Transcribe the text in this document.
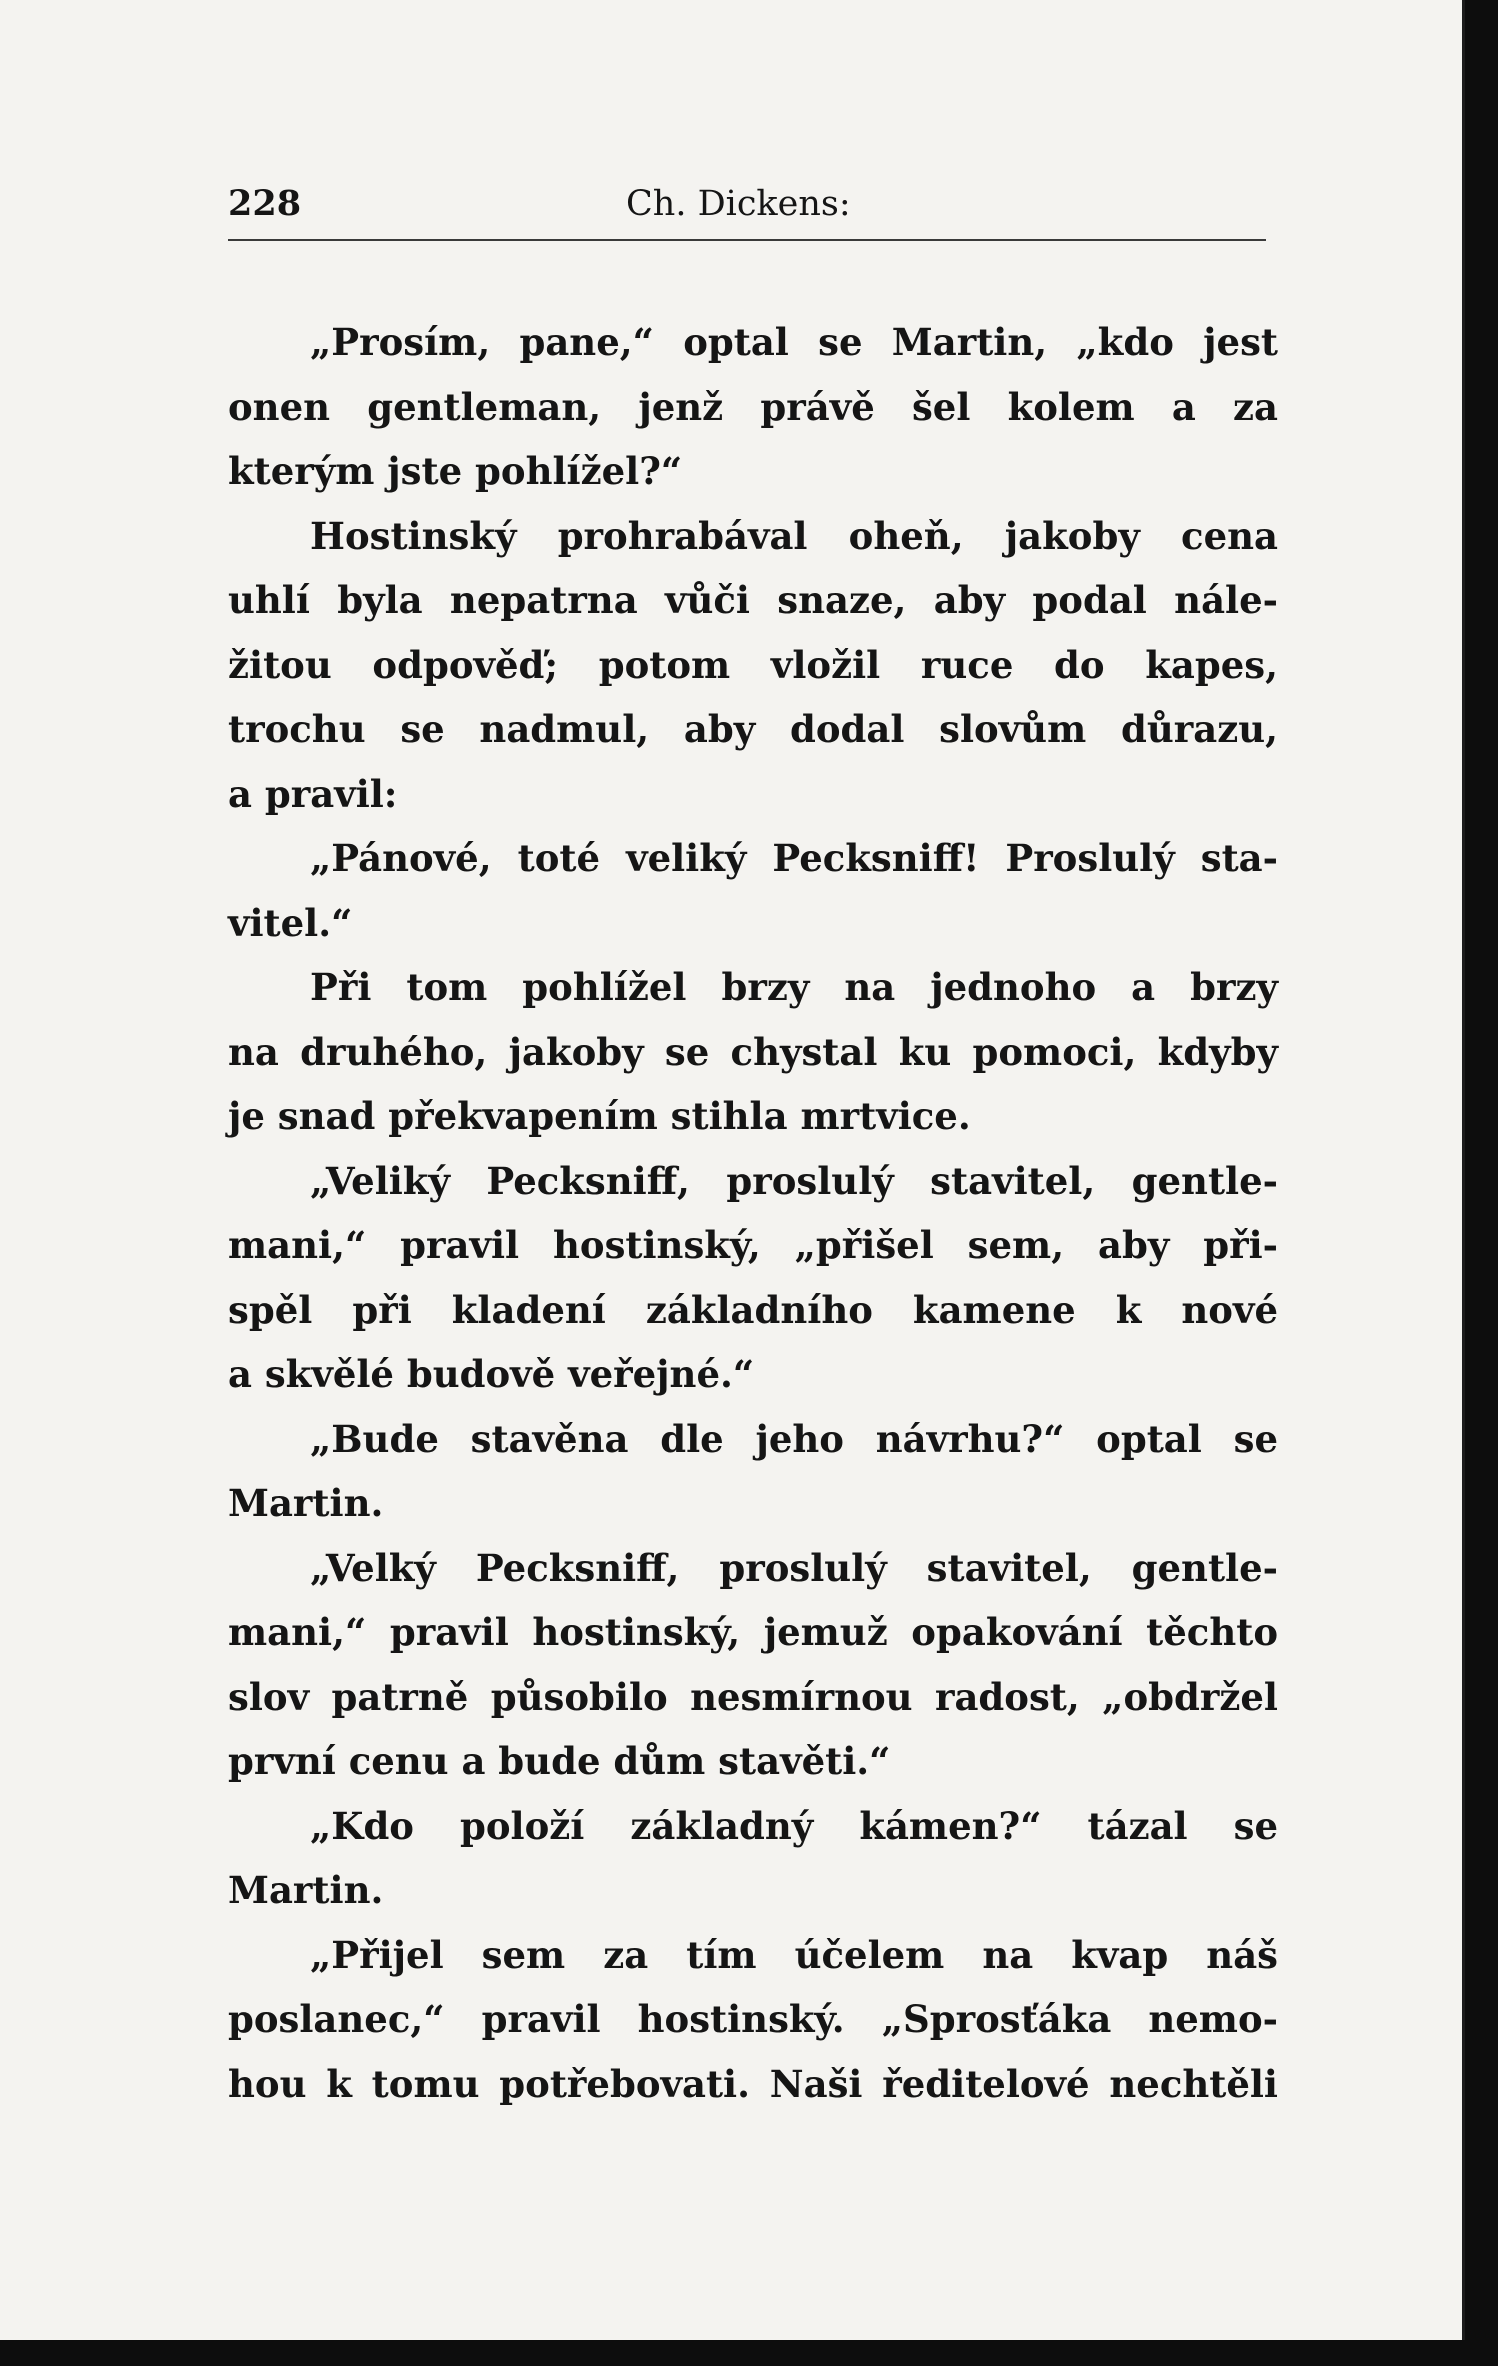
228	Ch. Dickens:
„Prosím, pane,“ optal se Martin, „kdo jest
onen gentleman, jenž právě šel kolem a za
kterým jste pohlížel?“
Hostinský prohrabával oheň, jakoby cena
uhlí byla nepatrna vůči snaze, aby podal nále-
žitou odpověď; potom vložil ruce do kapes,
trochu se nadmul, aby dodal slovům důrazu,
a pravil:
„Pánové, toté veliký Pecksniff! Proslulý sta-
vitel.“
Při tom pohlížel brzy na jednoho a brzy
na druhého, jakoby se chystal ku pomoci, kdyby
je snad překvapením stihla mrtvice.
„Veliký Pecksniff, proslulý stavitel, gentle-
mani,“ pravil hostinský, „přišel sem, aby při-
spěl při kladení základního kamene k nové
a skvělé budově veřejné.“
„Bude stavěna dle jeho návrhu?“ optal se
Martin.
„Velký Pecksniff, proslulý stavitel, gentle-
mani,“ pravil hostinský, jemuž opakování těchto
slov patrně působilo nesmírnou radost, „obdržel
první cenu a bude dům stavěti.“
„Kdo položí základný kámen?“ tázal se
Martin.
„Přijel sem za tím účelem na kvap náš
poslanec,“ pravil hostinský. „Sprosťáka nemo-
hou k tomu potřebovati. Naši ředitelové nechtěli
